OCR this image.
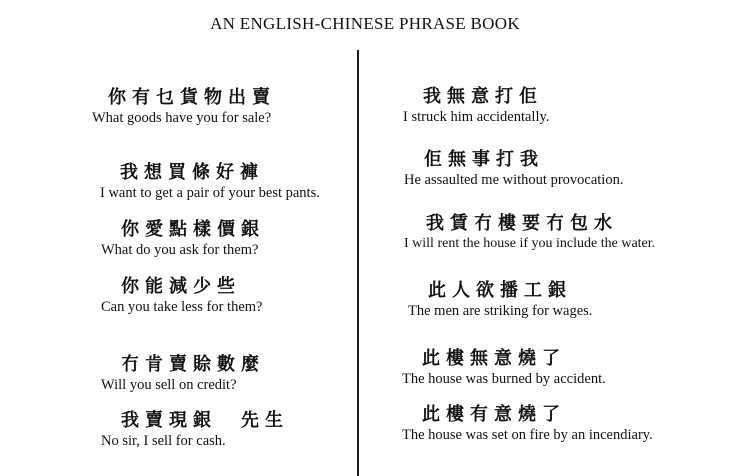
AN ENGLISH-CHINESE PHRASE BOOK
你有乜貨物出賣
What goods have you for sale?
我想買條好褲
I want to get a pair of your best pants.
你愛點樣價銀
What do you ask for them?
你能減少些
Can you take less for them?
冇肯賣賒數麼
Will you sell on credit?
我賣現銀　先生
No sir, I sell for cash.
我無意打佢
I struck him accidentally.
佢無事打我
He assaulted me without provocation.
我賃冇樓要冇包水
I will rent the house if you include the water.
此人欲播工銀
The men are striking for wages.
此樓無意燒了
The house was burned by accident.
此樓有意燒了
The house was set on fire by an incendiary.
